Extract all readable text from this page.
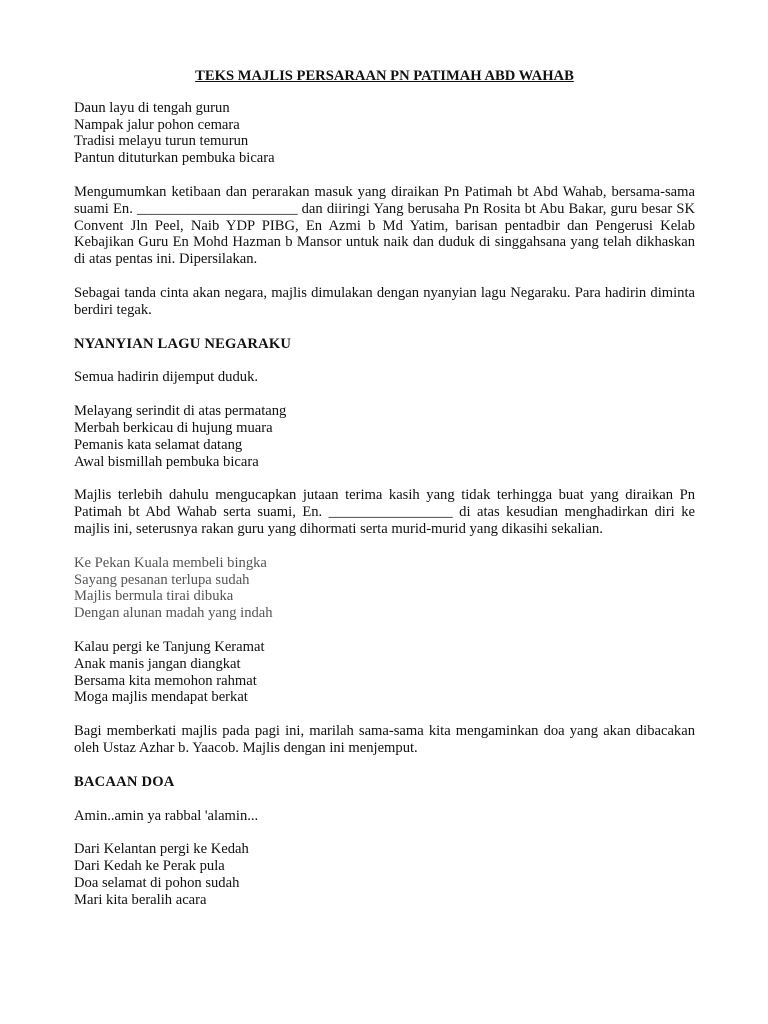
TEKS MAJLIS PERSARAAN PN PATIMAH ABD WAHAB
Daun layu di tengah gurun
Nampak jalur pohon cemara
Tradisi melayu turun temurun
Pantun dituturkan pembuka bicara
Mengumumkan ketibaan dan perarakan masuk yang diraikan Pn Patimah bt Abd Wahab, bersama-sama suami En. ______________________ dan diiringi Yang berusaha Pn Rosita bt Abu Bakar, guru besar SK Convent Jln Peel, Naib YDP PIBG, En Azmi b Md Yatim, barisan pentadbir dan Pengerusi Kelab Kebajikan Guru En Mohd Hazman b Mansor untuk naik dan duduk di singgahsana yang telah dikhaskan di atas pentas ini. Dipersilakan.
Sebagai tanda cinta akan negara, majlis dimulakan dengan nyanyian lagu Negaraku. Para hadirin diminta berdiri tegak.
NYANYIAN LAGU NEGARAKU
Semua hadirin dijemput duduk.
Melayang serindit di atas permatang
Merbah berkicau di hujung muara
Pemanis kata selamat datang
Awal bismillah pembuka bicara
Majlis terlebih dahulu mengucapkan jutaan terima kasih yang tidak terhingga buat yang diraikan Pn Patimah bt Abd Wahab serta suami, En. _________________ di atas kesudian menghadirkan diri ke majlis ini, seterusnya rakan guru yang dihormati serta murid-murid yang dikasihi sekalian.
Ke Pekan Kuala membeli bingka
Sayang pesanan terlupa sudah
Majlis bermula tirai dibuka
Dengan alunan madah yang indah
Kalau pergi ke Tanjung Keramat
Anak manis jangan diangkat
Bersama kita memohon rahmat
Moga majlis mendapat berkat
Bagi memberkati majlis pada pagi ini, marilah sama-sama kita mengaminkan doa yang akan dibacakan oleh Ustaz Azhar b. Yaacob. Majlis dengan ini menjemput.
BACAAN DOA
Amin..amin ya rabbal 'alamin...
Dari Kelantan pergi ke Kedah
Dari Kedah ke Perak pula
Doa selamat di pohon sudah
Mari kita beralih acara
